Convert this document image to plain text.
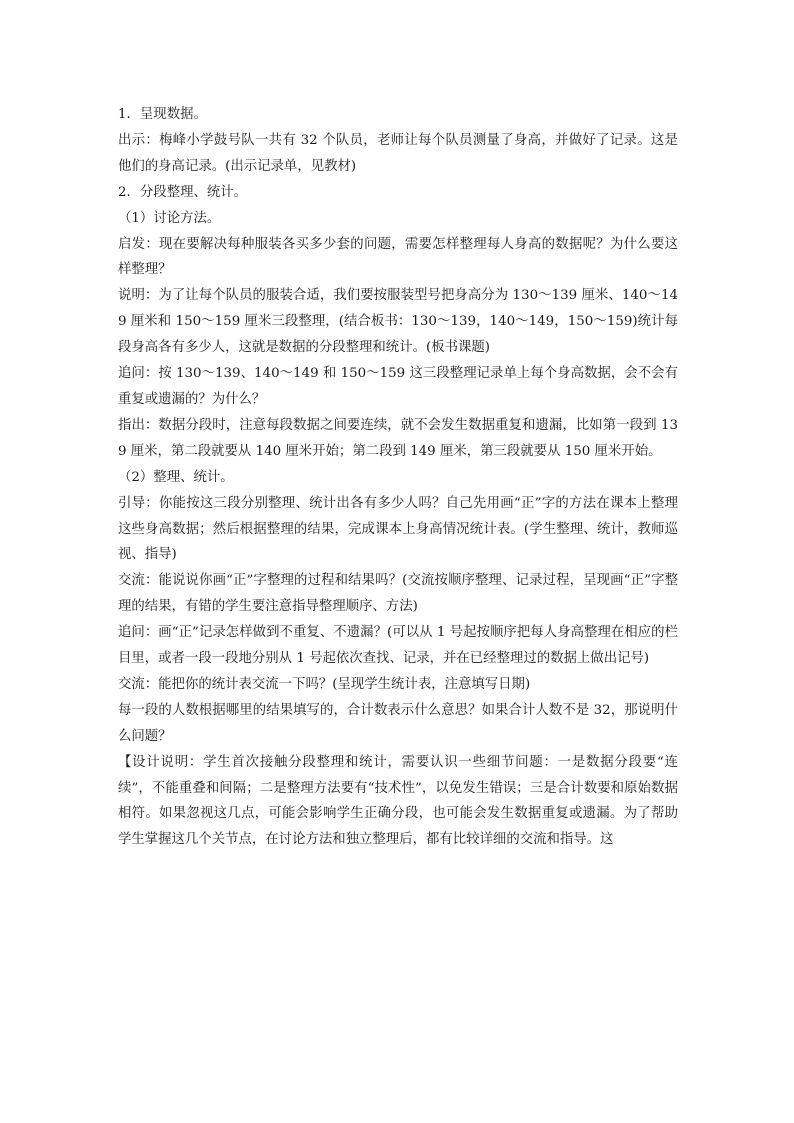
1．呈现数据。

出示：梅峰小学鼓号队一共有 32 个队员，老师让每个队员测量了身高，并做好了记录。这是他们的身高记录。(出示记录单，见教材)

2．分段整理、统计。

（1）讨论方法。

启发：现在要解决每种服装各买多少套的问题，需要怎样整理每人身高的数据呢？为什么要这样整理？

说明：为了让每个队员的服装合适，我们要按服装型号把身高分为 130～139 厘米、140～149 厘米和 150～159 厘米三段整理，(结合板书：130～139，140～149，150～159)统计每段身高各有多少人，这就是数据的分段整理和统计。(板书课题)

追问：按 130～139、140～149 和 150～159 这三段整理记录单上每个身高数据，会不会有重复或遗漏的？为什么？

指出：数据分段时，注意每段数据之间要连续，就不会发生数据重复和遗漏，比如第一段到 139 厘米，第二段就要从 140 厘米开始；第二段到 149 厘米，第三段就要从 150 厘米开始。

（2）整理、统计。

引导：你能按这三段分别整理、统计出各有多少人吗？自己先用画“正”字的方法在课本上整理这些身高数据；然后根据整理的结果，完成课本上身高情况统计表。(学生整理、统计，教师巡视、指导)

交流：能说说你画“正”字整理的过程和结果吗？(交流按顺序整理、记录过程，呈现画“正”字整理的结果，有错的学生要注意指导整理顺序、方法)

追问：画“正”记录怎样做到不重复、不遗漏？(可以从 1 号起按顺序把每人身高整理在相应的栏目里，或者一段一段地分别从 1 号起依次查找、记录，并在已经整理过的数据上做出记号)

交流：能把你的统计表交流一下吗？(呈现学生统计表，注意填写日期)

每一段的人数根据哪里的结果填写的，合计数表示什么意思？如果合计人数不是 32，那说明什么问题？

【设计说明：学生首次接触分段整理和统计，需要认识一些细节问题：一是数据分段要“连续”，不能重叠和间隔；二是整理方法要有“技术性”，以免发生错误；三是合计数要和原始数据相符。如果忽视这几点，可能会影响学生正确分段，也可能会发生数据重复或遗漏。为了帮助学生掌握这几个关节点，在讨论方法和独立整理后，都有比较详细的交流和指导。这
